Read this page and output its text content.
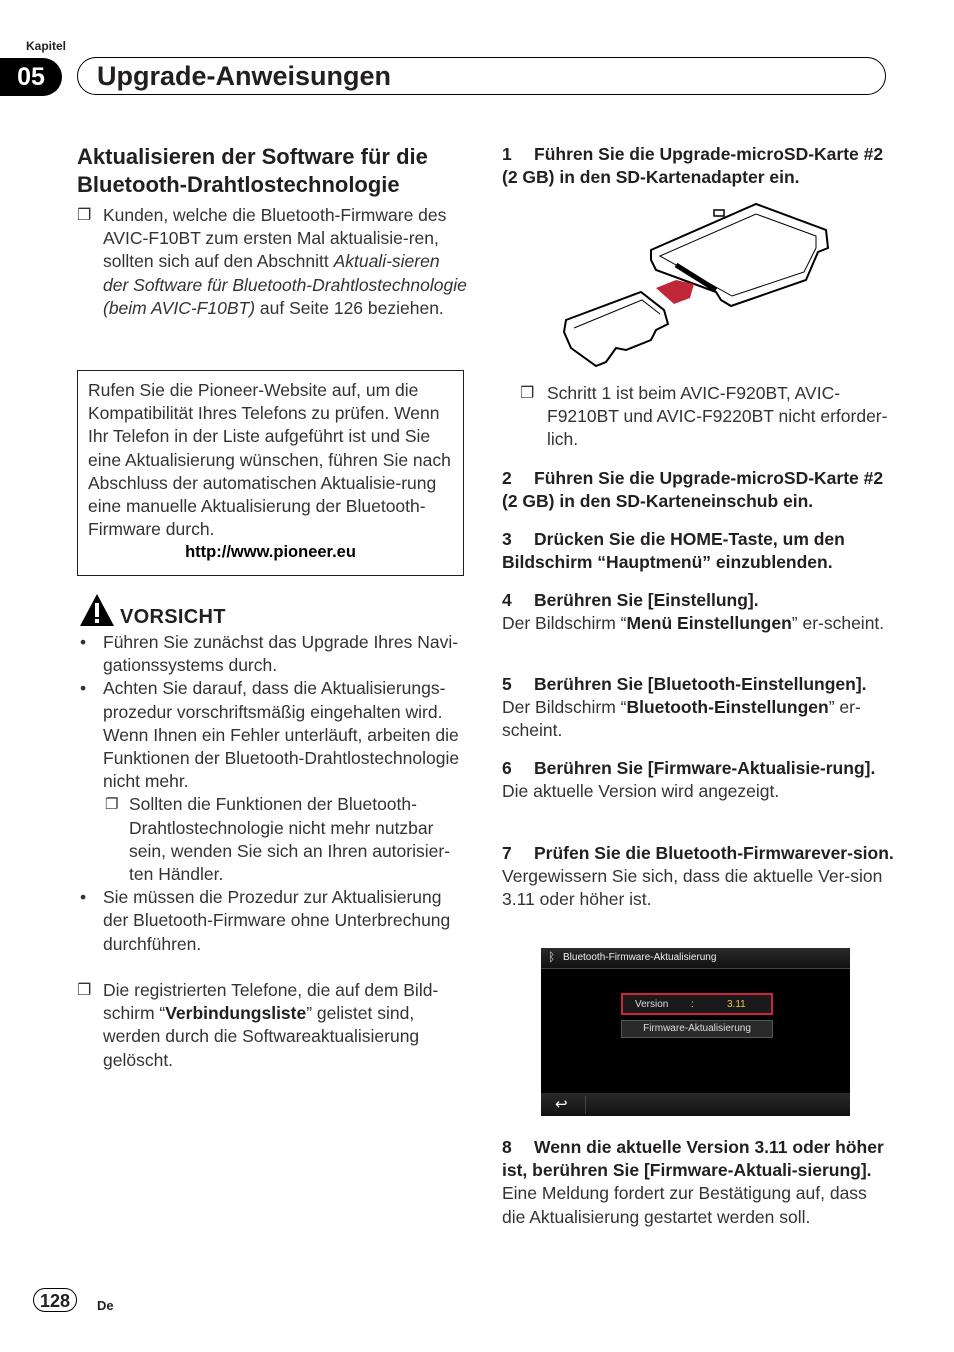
Kapitel
05	Upgrade-Anweisungen
Aktualisieren der Software für die Bluetooth-Drahtlostechnologie
❐ Kunden, welche die Bluetooth-Firmware des AVIC-F10BT zum ersten Mal aktualisie-ren, sollten sich auf den Abschnitt Aktuali-sieren der Software für Bluetooth-Drahtlostechnologie (beim AVIC-F10BT) auf Seite 126 beziehen.
Rufen Sie die Pioneer-Website auf, um die Kompatibilität Ihres Telefons zu prüfen. Wenn Ihr Telefon in der Liste aufgeführt ist und Sie eine Aktualisierung wünschen, führen Sie nach Abschluss der automatischen Aktualisie-rung eine manuelle Aktualisierung der Bluetooth-Firmware durch.
http://www.pioneer.eu
VORSICHT
• Führen Sie zunächst das Upgrade Ihres Navi-gationssystems durch.
• Achten Sie darauf, dass die Aktualisierungs-prozedur vorschriftsmäßig eingehalten wird. Wenn Ihnen ein Fehler unterläuft, arbeiten die Funktionen der Bluetooth-Drahtlostechnologie nicht mehr.
❐ Sollten die Funktionen der Bluetooth-Drahtlostechnologie nicht mehr nutzbar sein, wenden Sie sich an Ihren autorisier-ten Händler.
• Sie müssen die Prozedur zur Aktualisierung der Bluetooth-Firmware ohne Unterbrechung durchführen.
❐ Die registrierten Telefone, die auf dem Bild-schirm “Verbindungsliste” gelistet sind, werden durch die Softwareaktualisierung gelöscht.
1 Führen Sie die Upgrade-microSD-Karte #2 (2 GB) in den SD-Kartenadapter ein.
❐ Schritt 1 ist beim AVIC-F920BT, AVIC-F9210BT und AVIC-F9220BT nicht erforder-lich.
2 Führen Sie die Upgrade-microSD-Karte #2 (2 GB) in den SD-Karteneinschub ein.
3 Drücken Sie die HOME-Taste, um den Bildschirm “Hauptmenü” einzublenden.
4 Berühren Sie [Einstellung].
Der Bildschirm “Menü Einstellungen” er-scheint.
5 Berühren Sie [Bluetooth-Einstellungen].
Der Bildschirm “Bluetooth-Einstellungen” er-scheint.
6 Berühren Sie [Firmware-Aktualisie-rung].
Die aktuelle Version wird angezeigt.
7 Prüfen Sie die Bluetooth-Firmwarever-sion.
Vergewissern Sie sich, dass die aktuelle Ver-sion 3.11 oder höher ist.
ᛒ Bluetooth-Firmware-Aktualisierung
Version :	3.11
Firmware-Aktualisierung
↩
8 Wenn die aktuelle Version 3.11 oder höher ist, berühren Sie [Firmware-Aktuali-sierung].
Eine Meldung fordert zur Bestätigung auf, dass die Aktualisierung gestartet werden soll.
128	De
